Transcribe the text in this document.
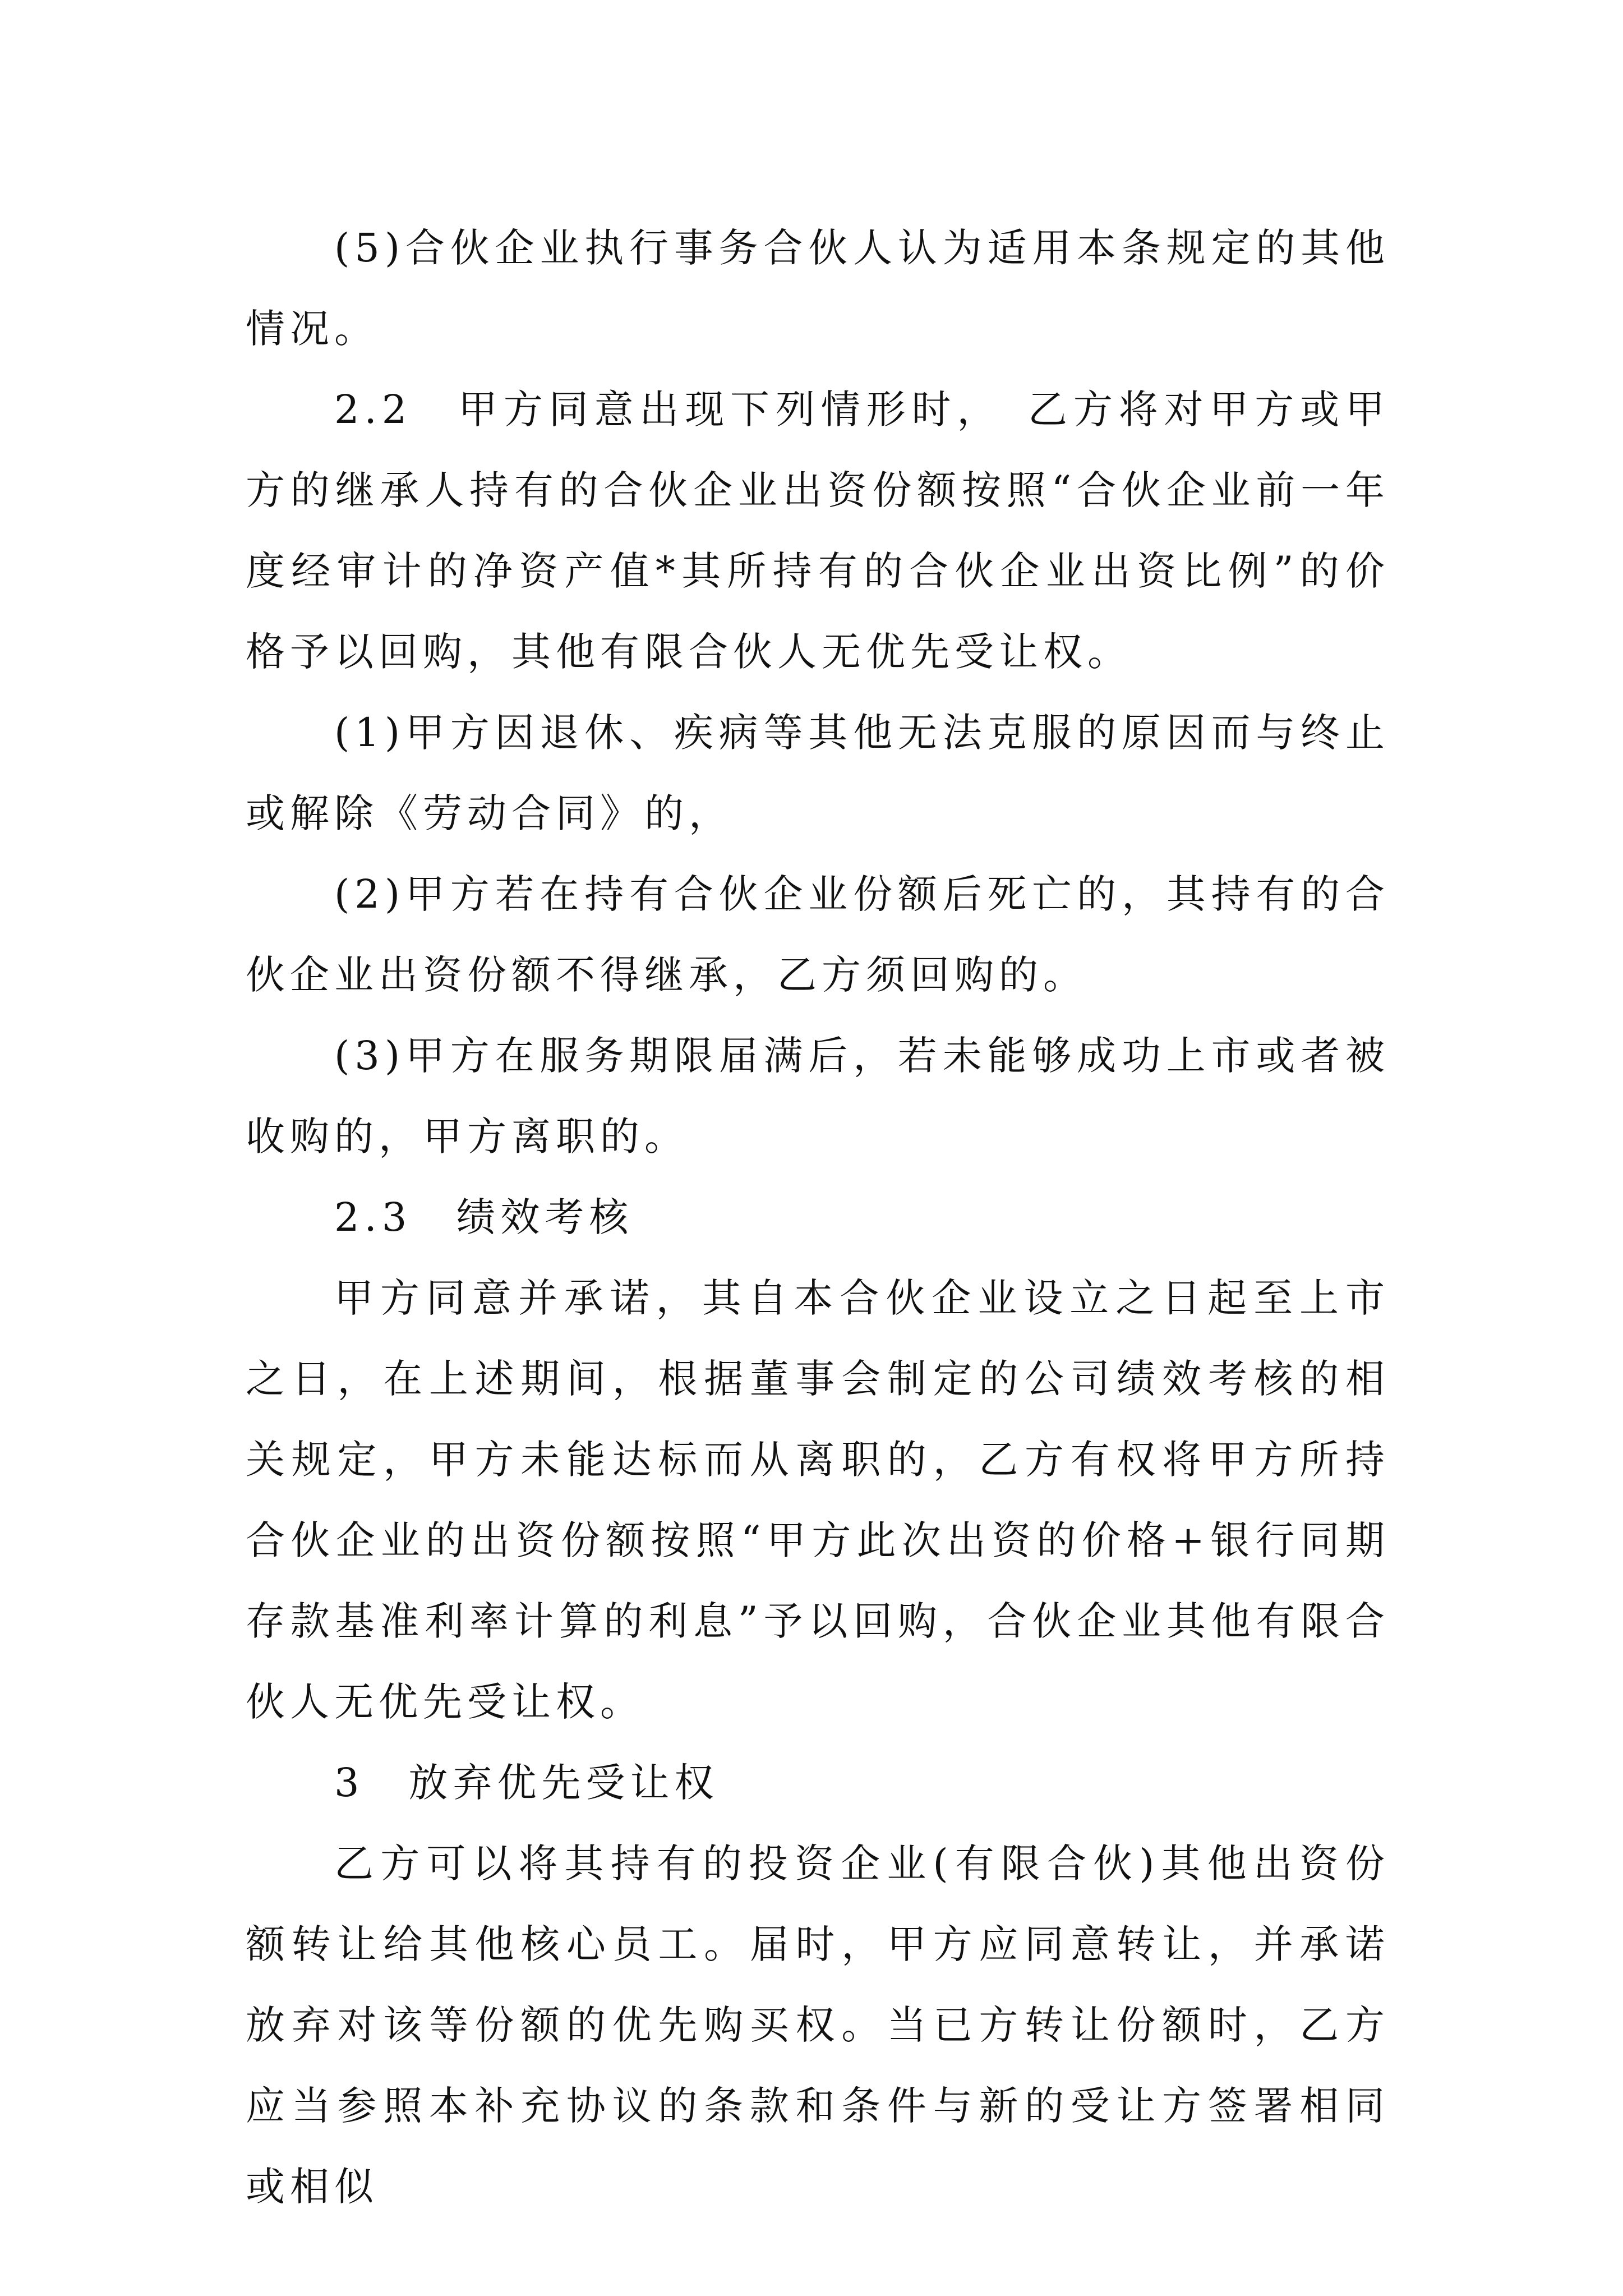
(5)合伙企业执行事务合伙人认为适用本条规定的其他情况。

2.2　甲方同意出现下列情形时，　乙方将对甲方或甲方的继承人持有的合伙企业出资份额按照“合伙企业前一年度经审计的净资产值*其所持有的合伙企业出资比例”的价格予以回购，其他有限合伙人无优先受让权。

(1)甲方因退休、疾病等其他无法克服的原因而与终止或解除《劳动合同》的，

(2)甲方若在持有合伙企业份额后死亡的，其持有的合伙企业出资份额不得继承，乙方须回购的。

(3)甲方在服务期限届满后，若未能够成功上市或者被收购的，甲方离职的。

2.3　绩效考核

甲方同意并承诺，其自本合伙企业设立之日起至上市之日，在上述期间，根据董事会制定的公司绩效考核的相关规定，甲方未能达标而从离职的，乙方有权将甲方所持合伙企业的出资份额按照“甲方此次出资的价格+银行同期存款基准利率计算的利息”予以回购，合伙企业其他有限合伙人无优先受让权。

3　放弃优先受让权

乙方可以将其持有的投资企业(有限合伙)其他出资份额转让给其他核心员工。届时，甲方应同意转让，并承诺放弃对该等份额的优先购买权。当已方转让份额时，乙方应当参照本补充协议的条款和条件与新的受让方签署相同或相似
